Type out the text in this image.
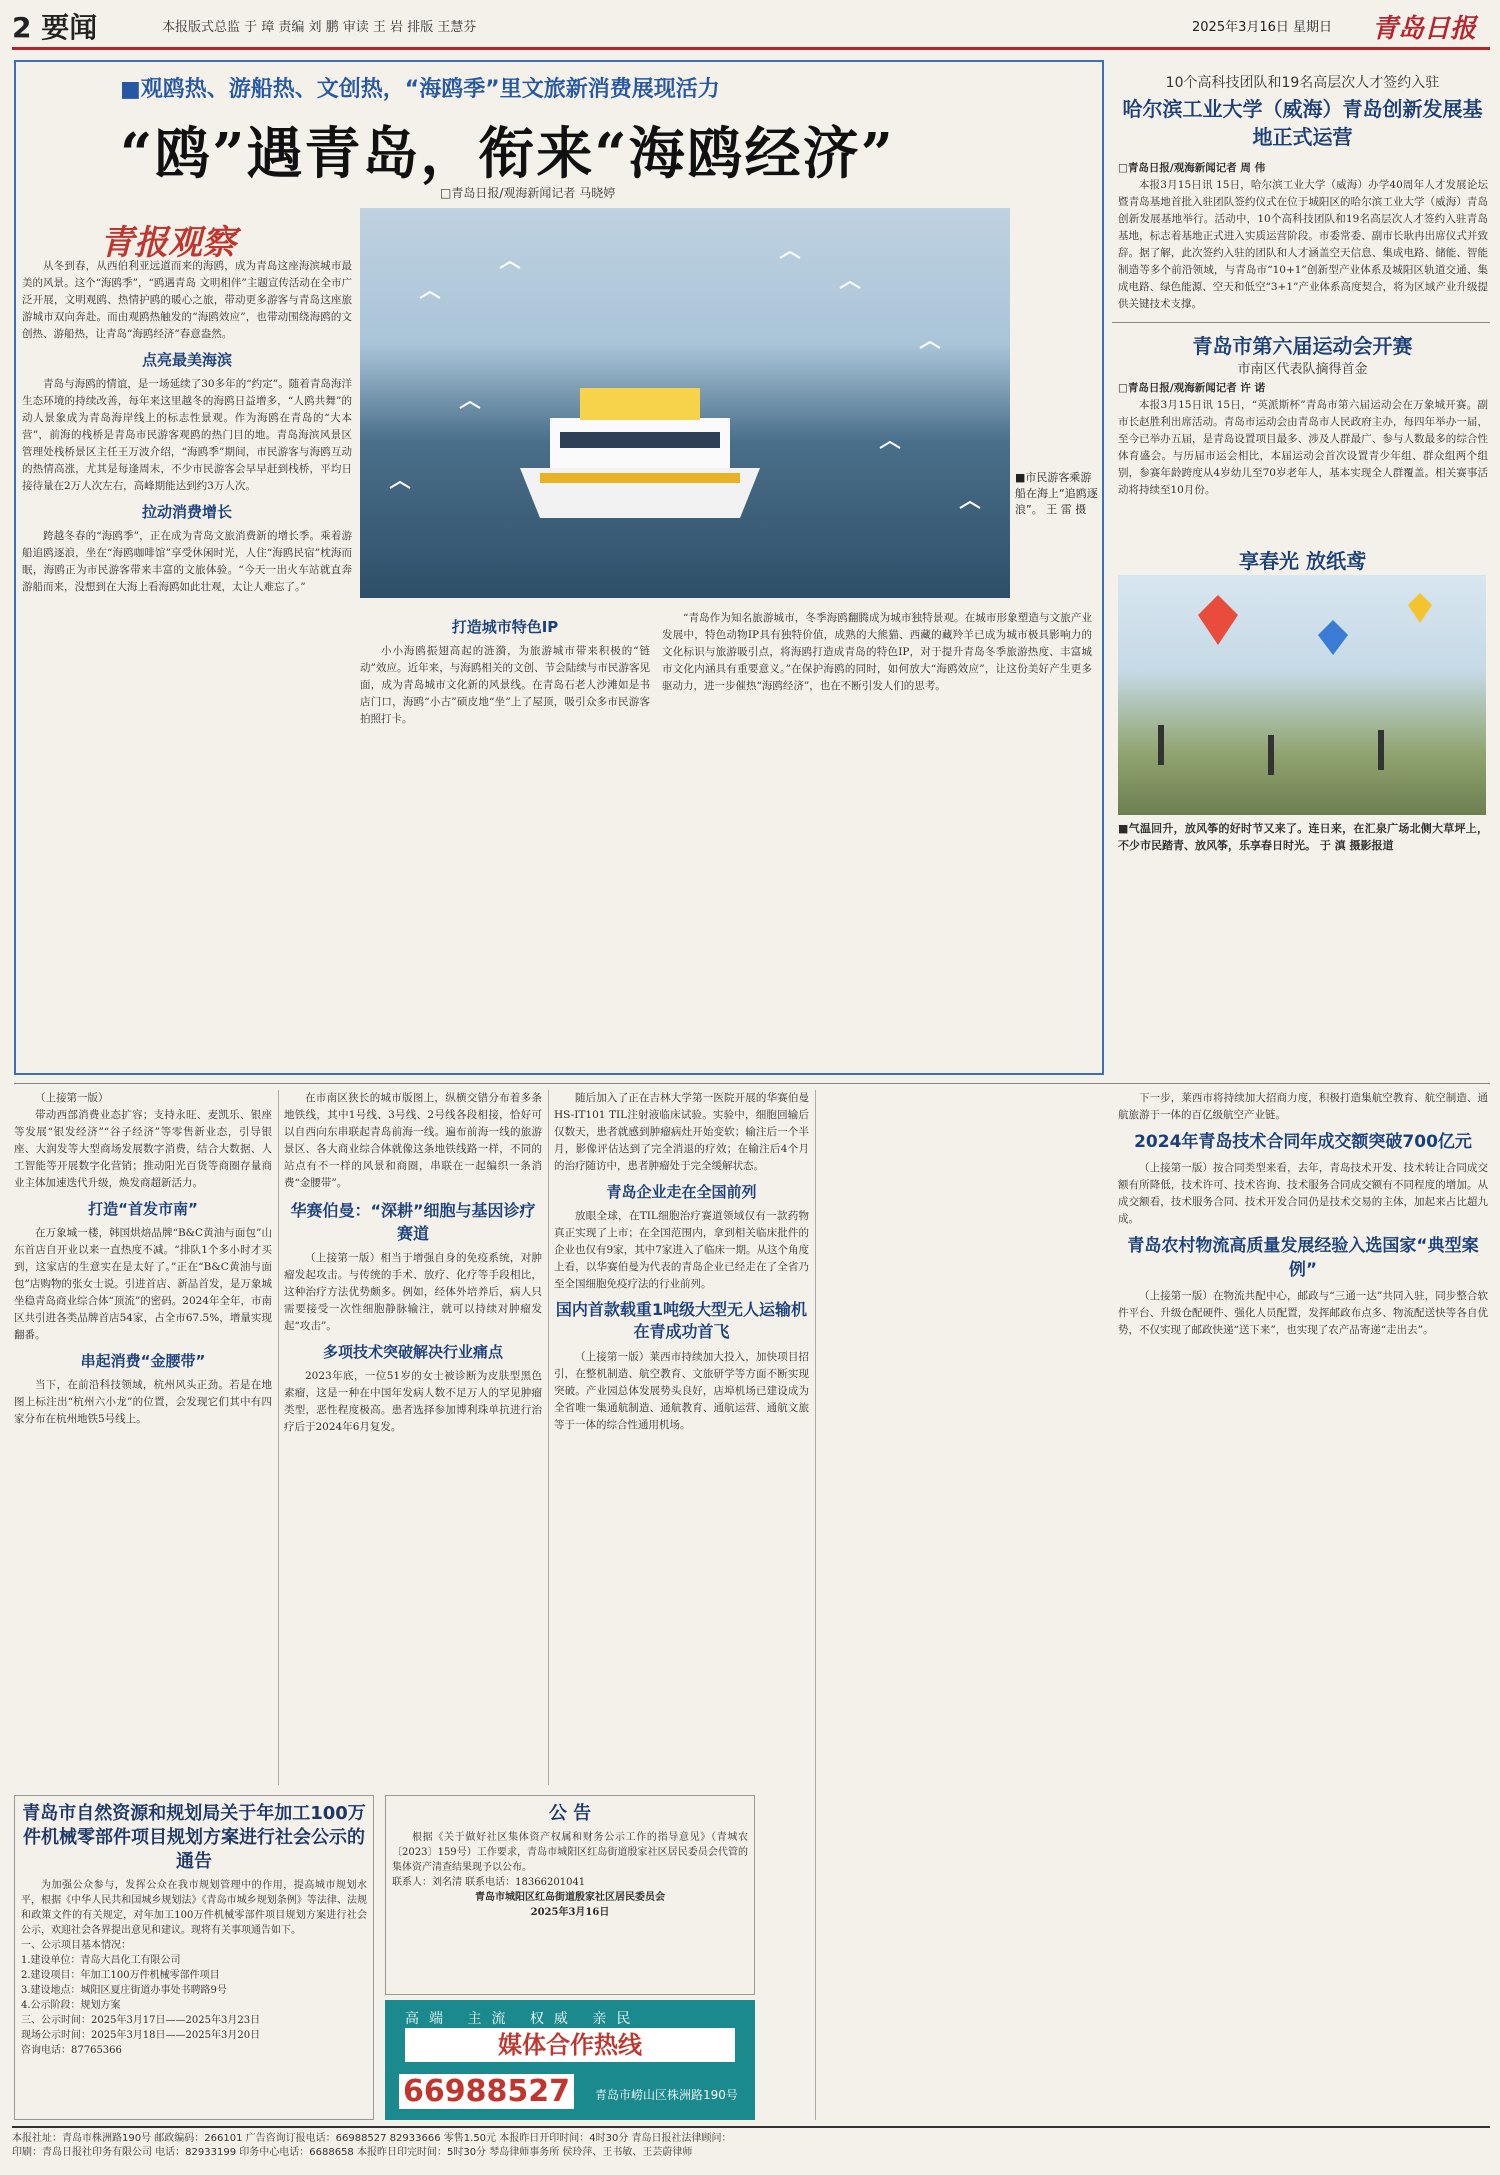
2 要闻	本报版式总监 于 璋 责编 刘 鹏 审读 王 岩 排版 王慧芬	2025年3月16日 星期日 青岛日报
■观鸥热、游船热、文创热，“海鸥季”里文旅新消费展现活力
“鸥”遇青岛，衔来“海鸥经济”
□青岛日报/观海新闻记者 马晓婷
青报观察
■市民游客乘游船在海上“追鸥逐浪”。 王 雷 摄

从冬到春，从西伯利亚远道而来的海鸥，成为青岛这座海滨城市最美的风景。这个“海鸥季”，“鸥遇青岛 文明相伴”主题宣传活动在全市广泛开展，文明观鸥、热情护鸥的暖心之旅，带动更多游客与青岛这座旅游城市双向奔赴。而由观鸥热触发的“海鸥效应”，也带动围绕海鸥的文创热、游船热，让青岛“海鸥经济”春意盎然。

点亮最美海滨

青岛与海鸥的情谊，是一场延续了30多年的“约定”。随着青岛海洋生态环境的持续改善，每年来这里越冬的海鸥日益增多，“人鸥共舞”的动人景象成为青岛海岸线上的标志性景观。作为海鸥在青岛的“大本营”，前海的栈桥是青岛市民游客观鸥的热门目的地。青岛海滨风景区管理处栈桥景区主任王万波介绍，“海鸥季”期间，市民游客与海鸥互动的热情高涨，尤其是每逢周末，不少市民游客会早早赶到栈桥，平均日接待量在2万人次左右，高峰期能达到约3万人次。

拉动消费增长

跨越冬春的“海鸥季”，正在成为青岛文旅消费新的增长季。乘着游船追鸥逐浪，坐在“海鸥咖啡馆”享受休闲时光，人住“海鸥民宿”枕海而眠，海鸥正为市民游客带来丰富的文旅体验。“今天一出火车站就直奔游船而来，没想到在大海上看海鸥如此壮观，太让人难忘了。”

打造城市特色IP

小小海鸥振翅高起的涟漪，为旅游城市带来积极的“链动”效应。近年来，与海鸥相关的文创、节会陆续与市民游客见面，成为青岛城市文化新的风景线。在青岛石老人沙滩如是书店门口，海鸥“小古”硕皮地“坐”上了屋顶，吸引众多市民游客拍照打卡。

“青岛作为知名旅游城市，冬季海鸥翻腾成为城市独特景观。在城市形象塑造与文旅产业发展中，特色动物IP具有独特价值，成熟的大熊猫、西藏的藏羚羊已成为城市极具影响力的文化标识与旅游吸引点，将海鸥打造成青岛的特色IP，对于提升青岛冬季旅游热度、丰富城市文化内涵具有重要意义。”在保护海鸥的同时，如何放大“海鸥效应”，让这份美好产生更多驱动力，进一步催热“海鸥经济”，也在不断引发人们的思考。

10个高科技团队和19名高层次人才签约入驻
哈尔滨工业大学（威海）青岛创新发展基地正式运营

□青岛日报/观海新闻记者 周 伟

本报3月15日讯 15日，哈尔滨工业大学（威海）办学40周年人才发展论坛暨青岛基地首批入驻团队签约仪式在位于城阳区的哈尔滨工业大学（威海）青岛创新发展基地举行。活动中，10个高科技团队和19名高层次人才签约入驻青岛基地，标志着基地正式进入实质运营阶段。市委常委、副市长耿冉出席仪式并致辞。据了解，此次签约入驻的团队和人才涵盖空天信息、集成电路、储能、智能制造等多个前沿领域，与青岛市“10+1”创新型产业体系及城阳区轨道交通、集成电路、绿色能源、空天和低空“3+1”产业体系高度契合，将为区域产业升级提供关键技术支撑。

青岛市第六届运动会开赛
市南区代表队摘得首金

□青岛日报/观海新闻记者 许 诺

本报3月15日讯 15日，“英派斯杯”青岛市第六届运动会在万象城开赛。副市长赵胜利出席活动。青岛市运动会由青岛市人民政府主办，每四年举办一届，至今已举办五届，是青岛设置项目最多、涉及人群最广、参与人数最多的综合性体育盛会。与历届市运会相比，本届运动会首次设置青少年组、群众组两个组别，参赛年龄跨度从4岁幼儿至70岁老年人，基本实现全人群覆盖。相关赛事活动将持续至10月份。

享春光 放纸鸢
■气温回升，放风筝的好时节又来了。连日来，在汇泉广场北侧大草坪上，不少市民踏青、放风筝，乐享春日时光。 于 滇 摄影报道

（上接第一版）

带动西部消费业态扩容；支持永旺、麦凯乐、银座等发展“银发经济”“谷子经济”等零售新业态，引导银座、大润发等大型商场发展数字消费，结合大数据、人工智能等开展数字化营销；推动阳光百货等商圈存量商业主体加速迭代升级，焕发商超新活力。

打造“首发市南”

在万象城一楼，韩国烘焙品牌“B&C黄油与面包”山东首店自开业以来一直热度不减。“排队1个多小时才买到，这家店的生意实在是太好了。”正在“B&C黄油与面包”店购物的张女士说。引进首店、新品首发，是万象城坐稳青岛商业综合体“顶流”的密码。2024年全年，市南区共引进各类品牌首店54家，占全市67.5%，增量实现翻番。

串起消费“金腰带”

当下，在前沿科技领域，杭州风头正劲。若是在地图上标注出“杭州六小龙”的位置，会发现它们其中有四家分布在杭州地铁5号线上。

在市南区狭长的城市版图上，纵横交错分布着多条地铁线，其中1号线、3号线、2号线各段相接，恰好可以自西向东串联起青岛前海一线。遍布前海一线的旅游景区、各大商业综合体就像这条地铁线路一样，不同的站点有不一样的风景和商圈，串联在一起编织一条消费“金腰带”。

华赛伯曼：“深耕”细胞与基因诊疗赛道

（上接第一版）相当于增强自身的免疫系统，对肿瘤发起攻击。与传统的手术、放疗、化疗等手段相比，这种治疗方法优势颇多。例如，经体外培养后，病人只需要接受一次性细胞静脉输注，就可以持续对肿瘤发起“攻击”。

多项技术突破解决行业痛点

2023年底，一位51岁的女士被诊断为皮肤型黑色素瘤，这是一种在中国年发病人数不足万人的罕见肿瘤类型，恶性程度极高。患者选择参加博利珠单抗进行治疗后于2024年6月复发。

随后加入了正在吉林大学第一医院开展的华赛伯曼HS-IT101 TIL注射液临床试验。实验中，细胞回输后仅数天，患者就感到肿瘤病灶开始变软；输注后一个半月，影像评估达到了完全消退的疗效；在输注后4个月的治疗随访中，患者肿瘤处于完全缓解状态。

青岛企业走在全国前列

放眼全球，在TIL细胞治疗赛道领域仅有一款药物真正实现了上市；在全国范围内，拿到相关临床批件的企业也仅有9家，其中7家进入了临床一期。从这个角度上看，以华赛伯曼为代表的青岛企业已经走在了全省乃至全国细胞免疫疗法的行业前列。

国内首款载重1吨级大型无人运输机在青成功首飞

（上接第一版）莱西市持续加大投入，加快项目招引，在整机制造、航空教育、文旅研学等方面不断实现突破。产业园总体发展势头良好，店埠机场已建设成为全省唯一集通航制造、通航教育、通航运营、通航文旅等于一体的综合性通用机场。

下一步，莱西市将持续加大招商力度，积极打造集航空教育、航空制造、通航旅游于一体的百亿级航空产业链。

2024年青岛技术合同年成交额突破700亿元

（上接第一版）按合同类型来看，去年，青岛技术开发、技术转让合同成交额有所降低，技术许可、技术咨询、技术服务合同成交额有不同程度的增加。从成交额看，技术服务合同、技术开发合同仍是技术交易的主体，加起来占比超九成。

青岛农村物流高质量发展经验入选国家“典型案例”

（上接第一版）在物流共配中心，邮政与“三通一达”共同入驻，同步整合软件平台、升级仓配硬件、强化人员配置，发挥邮政布点多、物流配送快等各自优势，不仅实现了邮政快递“送下来”，也实现了农产品寄递“走出去”。

青岛市自然资源和规划局关于年加工100万件机械零部件项目规划方案进行社会公示的通告

为加强公众参与，发挥公众在我市规划管理中的作用，提高城市规划水平，根据《中华人民共和国城乡规划法》《青岛市城乡规划条例》等法律、法规和政策文件的有关规定，对年加工100万件机械零部件项目规划方案进行社会公示，欢迎社会各界提出意见和建议。现将有关事项通告如下。

一、公示项目基本情况：
1.建设单位：青岛大昌化工有限公司
2.建设项目：年加工100万件机械零部件项目
3.建设地点：城阳区夏庄街道办事处书聘路9号
4.公示阶段：规划方案
三、公示时间：2025年3月17日——2025年3月23日
现场公示时间：2025年3月18日——2025年3月20日
咨询电话：87765366
公 告

根据《关于做好社区集体资产权属和财务公示工作的指导意见》（青城农〔2023〕159号）工作要求，青岛市城阳区红岛街道殷家社区居民委员会代管的集体资产清查结果现予以公布。

联系人：刘名清 联系电话：18366201041
青岛市城阳区红岛街道殷家社区居民委员会
2025年3月16日
高端 主流 权威 亲民
媒体合作热线
66988527	青岛市崂山区株洲路190号
本报社址：青岛市株洲路190号 邮政编码：266101 广告咨询订报电话：66988527 82933666 零售1.50元 本报昨日开印时间：4时30分 青岛日报社法律顾问：
印刷：青岛日报社印务有限公司 电话：82933199 印务中心电话：6688658 本报昨日印完时间：5时30分 琴岛律师事务所 侯玲萍、王书敏、王芸蔚律师
